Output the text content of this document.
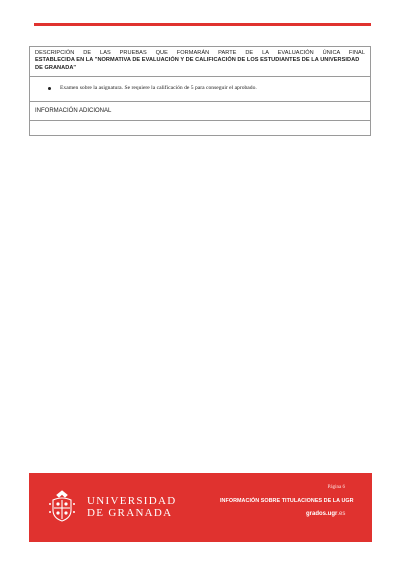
DESCRIPCIÓN DE LAS PRUEBAS QUE FORMARÁN PARTE DE LA EVALUACIÓN ÚNICA FINAL
ESTABLECIDA EN LA "NORMATIVA DE EVALUACIÓN Y DE CALIFICACIÓN DE LOS ESTUDIANTES DE LA UNIVERSIDAD DE GRANADA"
Examen sobre la asignatura. Se requiere la calificación de 5 para conseguir el aprobado.
INFORMACIÓN ADICIONAL
UNIVERSIDAD
DE GRANADA
Página 6
INFORMACIÓN SOBRE TITULACIONES DE LA UGR
grados.ugr.es
